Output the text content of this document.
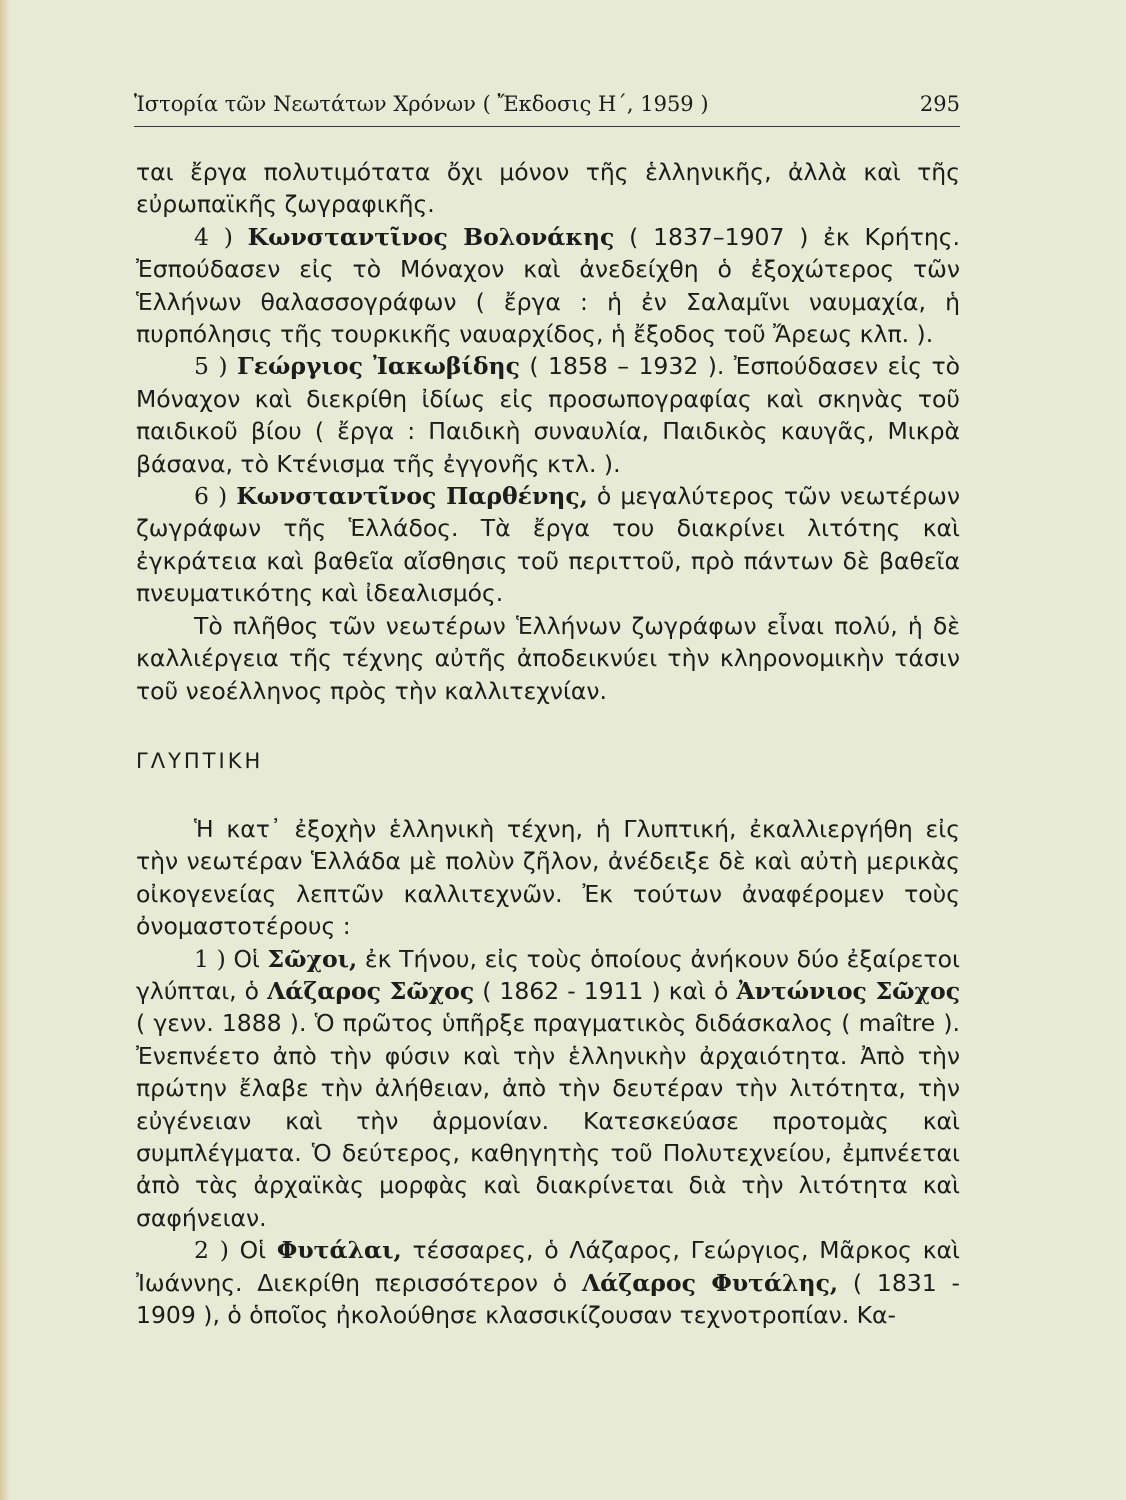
Ἱστορία τῶν Νεωτάτων Χρόνων ( Ἔκδοσις Η΄, 1959 )	295

ται ἔργα πολυτιμότατα ὄχι μόνον τῆς ἑλληνικῆς, ἀλλὰ καὶ τῆς εὐρωπαϊκῆς ζωγραφικῆς.

4 ) Κωνσταντῖνος Βολονάκης ( 1837–1907 ) ἐκ Κρήτης. Ἐσπούδασεν εἰς τὸ Μόναχον καὶ ἀνεδείχθη ὁ ἐξοχώτερος τῶν Ἑλλήνων θαλασσογράφων ( ἔργα : ἡ ἐν Σαλαμῖνι ναυμαχία, ἡ πυρπόλησις τῆς τουρκικῆς ναυαρχίδος, ἡ ἔξοδος τοῦ Ἄρεως κλπ. ).

5 ) Γεώργιος Ἰακωβίδης ( 1858 – 1932 ). Ἐσπούδασεν εἰς τὸ Μόναχον καὶ διεκρίθη ἰδίως εἰς προσωπογραφίας καὶ σκηνὰς τοῦ παιδικοῦ βίου ( ἔργα : Παιδικὴ συναυλία, Παιδικὸς καυγᾶς, Μικρὰ βάσανα, τὸ Κτένισμα τῆς ἐγγονῆς κτλ. ).

6 ) Κωνσταντῖνος Παρθένης, ὁ μεγαλύτερος τῶν νεωτέρων ζωγράφων τῆς Ἑλλάδος. Τὰ ἔργα του διακρίνει λιτότης καὶ ἐγκράτεια καὶ βαθεῖα αἴσθησις τοῦ περιττοῦ, πρὸ πάντων δὲ βαθεῖα πνευματικότης καὶ ἰδεαλισμός.

Τὸ πλῆθος τῶν νεωτέρων Ἑλλήνων ζωγράφων εἶναι πολύ, ἡ δὲ καλλιέργεια τῆς τέχνης αὐτῆς ἀποδεικνύει τὴν κληρονομικὴν τάσιν τοῦ νεοέλληνος πρὸς τὴν καλλιτεχνίαν.

ΓΛΥΠΤΙΚΗ

Ἡ κατ᾽ ἐξοχὴν ἑλληνικὴ τέχνη, ἡ Γλυπτική, ἐκαλλιεργήθη εἰς τὴν νεωτέραν Ἑλλάδα μὲ πολὺν ζῆλον, ἀνέδειξε δὲ καὶ αὐτὴ μερικὰς οἰκογενείας λεπτῶν καλλιτεχνῶν. Ἐκ τούτων ἀναφέρομεν τοὺς ὀνομαστοτέρους :

1 ) Οἱ Σῶχοι, ἐκ Τήνου, εἰς τοὺς ὁποίους ἀνήκουν δύο ἐξαίρετοι γλύπται, ὁ Λάζαρος Σῶχος ( 1862 - 1911 ) καὶ ὁ Ἀντώνιος Σῶχος ( γενν. 1888 ). Ὁ πρῶτος ὑπῆρξε πραγματικὸς διδάσκαλος ( maître ). Ἐνεπνέετο ἀπὸ τὴν φύσιν καὶ τὴν ἑλληνικὴν ἀρχαιότητα. Ἀπὸ τὴν πρώτην ἔλαβε τὴν ἀλήθειαν, ἀπὸ τὴν δευτέραν τὴν λιτότητα, τὴν εὐγένειαν καὶ τὴν ἁρμονίαν. Κατεσκεύασε προτομὰς καὶ συμπλέγματα. Ὁ δεύτερος, καθηγητὴς τοῦ Πολυτεχνείου, ἐμπνέεται ἀπὸ τὰς ἀρχαϊκὰς μορφὰς καὶ διακρίνεται διὰ τὴν λιτότητα καὶ σαφήνειαν.

2 ) Οἱ Φυτάλαι, τέσσαρες, ὁ Λάζαρος, Γεώργιος, Μᾶρκος καὶ Ἰωάννης. Διεκρίθη περισσότερον ὁ Λάζαρος Φυτάλης, ( 1831 - 1909 ), ὁ ὁποῖος ἠκολούθησε κλασσικίζουσαν τεχνοτροπίαν. Κα-
